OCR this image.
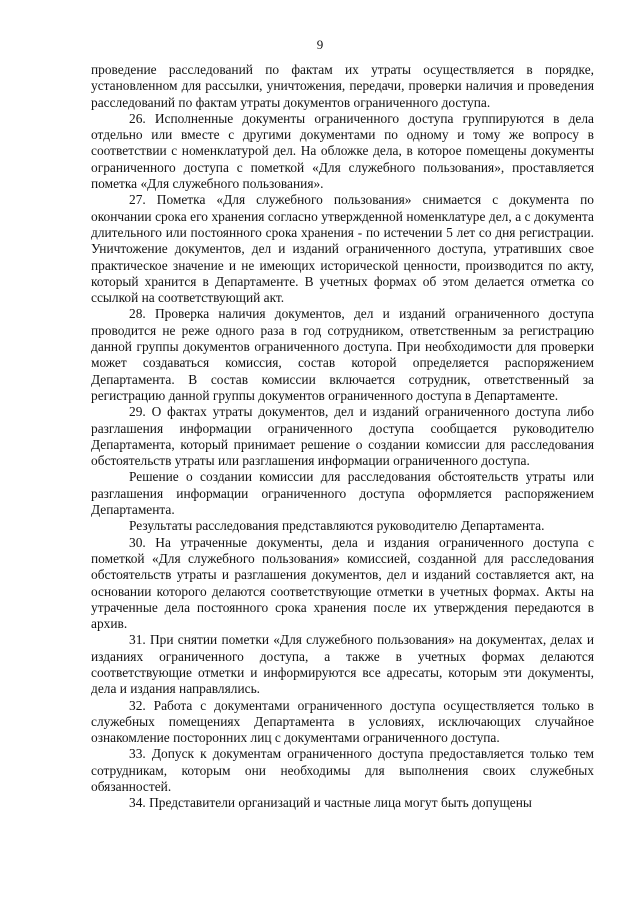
9

проведение расследований по фактам их утраты осуществляется в порядке, установленном для рассылки, уничтожения, передачи, проверки наличия и проведения расследований по фактам утраты документов ограниченного доступа.

26. Исполненные документы ограниченного доступа группируются в дела отдельно или вместе с другими документами по одному и тому же вопросу в соответствии с номенклатурой дел. На обложке дела, в которое помещены документы ограниченного доступа с пометкой «Для служебного пользования», проставляется пометка «Для служебного пользования».

27. Пометка «Для служебного пользования» снимается с документа по окончании срока его хранения согласно утвержденной номенклатуре дел, а с документа длительного или постоянного срока хранения - по истечении 5 лет со дня регистрации. Уничтожение документов, дел и изданий ограниченного доступа, утративших свое практическое значение и не имеющих исторической ценности, производится по акту, который хранится в Департаменте. В учетных формах об этом делается отметка со ссылкой на соответствующий акт.

28. Проверка наличия документов, дел и изданий ограниченного доступа проводится не реже одного раза в год сотрудником, ответственным за регистрацию данной группы документов ограниченного доступа. При необходимости для проверки может создаваться комиссия, состав которой определяется распоряжением Департамента. В состав комиссии включается сотрудник, ответственный за регистрацию данной группы документов ограниченного доступа в Департаменте.

29. О фактах утраты документов, дел и изданий ограниченного доступа либо разглашения информации ограниченного доступа сообщается руководителю Департамента, который принимает решение о создании комиссии для расследования обстоятельств утраты или разглашения информации ограниченного доступа.

Решение о создании комиссии для расследования обстоятельств утраты или разглашения информации ограниченного доступа оформляется распоряжением Департамента.

Результаты расследования представляются руководителю Департамента.

30. На утраченные документы, дела и издания ограниченного доступа с пометкой «Для служебного пользования» комиссией, созданной для расследования обстоятельств утраты и разглашения документов, дел и изданий составляется акт, на основании которого делаются соответствующие отметки в учетных формах. Акты на утраченные дела постоянного срока хранения после их утверждения передаются в архив.

31. При снятии пометки «Для служебного пользования» на документах, делах и изданиях ограниченного доступа, а также в учетных формах делаются соответствующие отметки и информируются все адресаты, которым эти документы, дела и издания направлялись.

32. Работа с документами ограниченного доступа осуществляется только в служебных помещениях Департамента в условиях, исключающих случайное ознакомление посторонних лиц с документами ограниченного доступа.

33. Допуск к документам ограниченного доступа предоставляется только тем сотрудникам, которым они необходимы для выполнения своих служебных обязанностей.

34. Представители организаций и частные лица могут быть допущены
